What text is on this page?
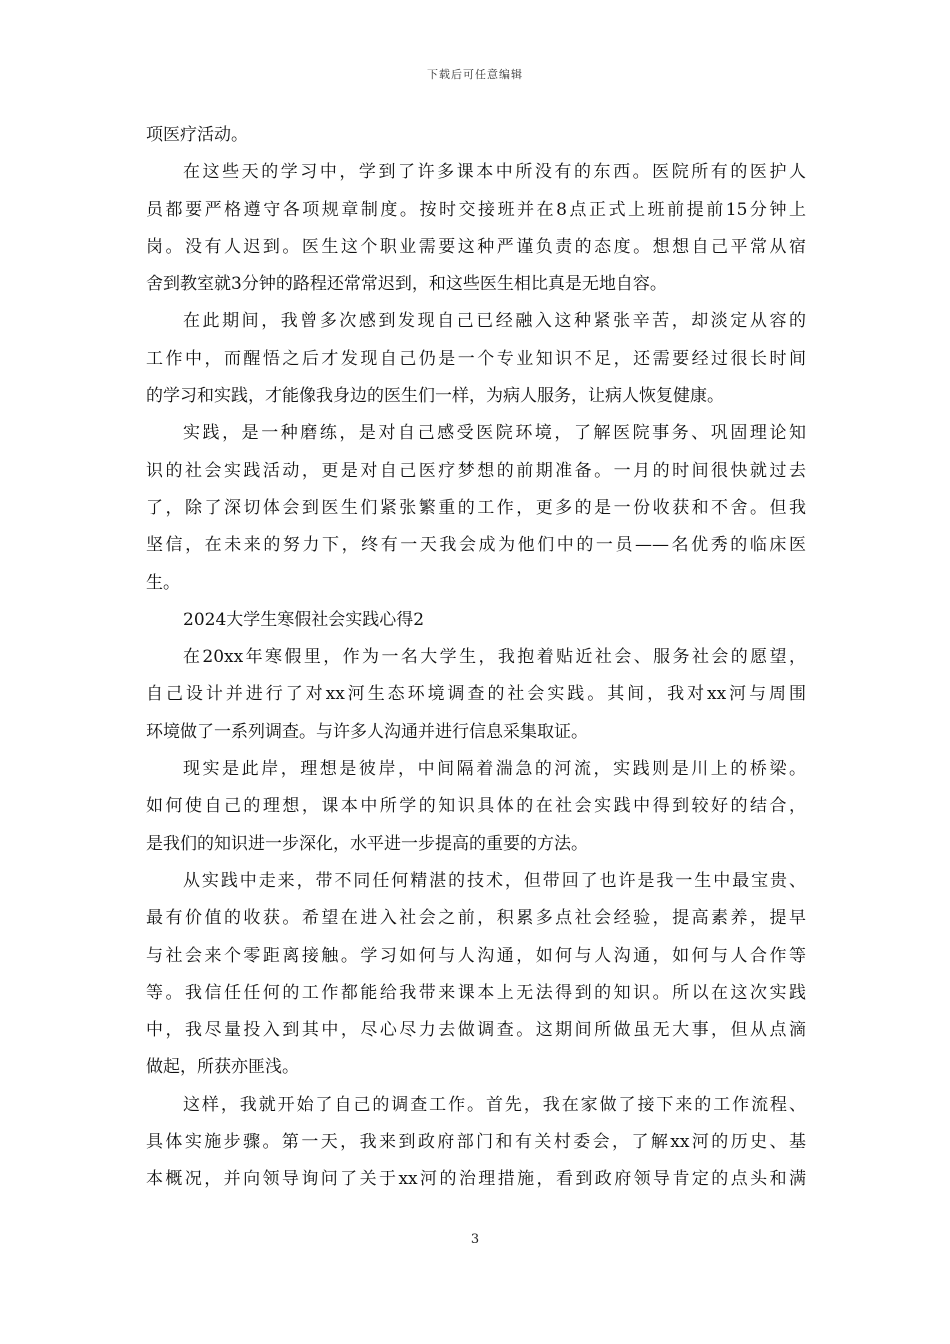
下载后可任意编辑
项医疗活动。
在这些天的学习中，学到了许多课本中所没有的东西。医院所有的医护人
员都要严格遵守各项规章制度。按时交接班并在8点正式上班前提前15分钟上
岗。没有人迟到。医生这个职业需要这种严谨负责的态度。想想自己平常从宿
舍到教室就3分钟的路程还常常迟到，和这些医生相比真是无地自容。
在此期间，我曾多次感到发现自己已经融入这种紧张辛苦，却淡定从容的
工作中，而醒悟之后才发现自己仍是一个专业知识不足，还需要经过很长时间
的学习和实践，才能像我身边的医生们一样，为病人服务，让病人恢复健康。
实践，是一种磨练，是对自己感受医院环境，了解医院事务、巩固理论知
识的社会实践活动，更是对自己医疗梦想的前期准备。一月的时间很快就过去
了，除了深切体会到医生们紧张繁重的工作，更多的是一份收获和不舍。但我
坚信，在未来的努力下，终有一天我会成为他们中的一员——名优秀的临床医
生。
2024大学生寒假社会实践心得2
在20xx年寒假里，作为一名大学生，我抱着贴近社会、服务社会的愿望，
自己设计并进行了对xx河生态环境调查的社会实践。其间，我对xx河与周围
环境做了一系列调查。与许多人沟通并进行信息采集取证。
现实是此岸，理想是彼岸，中间隔着湍急的河流，实践则是川上的桥梁。
如何使自己的理想，课本中所学的知识具体的在社会实践中得到较好的结合，
是我们的知识进一步深化，水平进一步提高的重要的方法。
从实践中走来，带不同任何精湛的技术，但带回了也许是我一生中最宝贵、
最有价值的收获。希望在进入社会之前，积累多点社会经验，提高素养，提早
与社会来个零距离接触。学习如何与人沟通，如何与人沟通，如何与人合作等
等。我信任任何的工作都能给我带来课本上无法得到的知识。所以在这次实践
中，我尽量投入到其中，尽心尽力去做调查。这期间所做虽无大事，但从点滴
做起，所获亦匪浅。
这样，我就开始了自己的调查工作。首先，我在家做了接下来的工作流程、
具体实施步骤。第一天，我来到政府部门和有关村委会，了解xx河的历史、基
本概况，并向领导询问了关于xx河的治理措施，看到政府领导肯定的点头和满
3
